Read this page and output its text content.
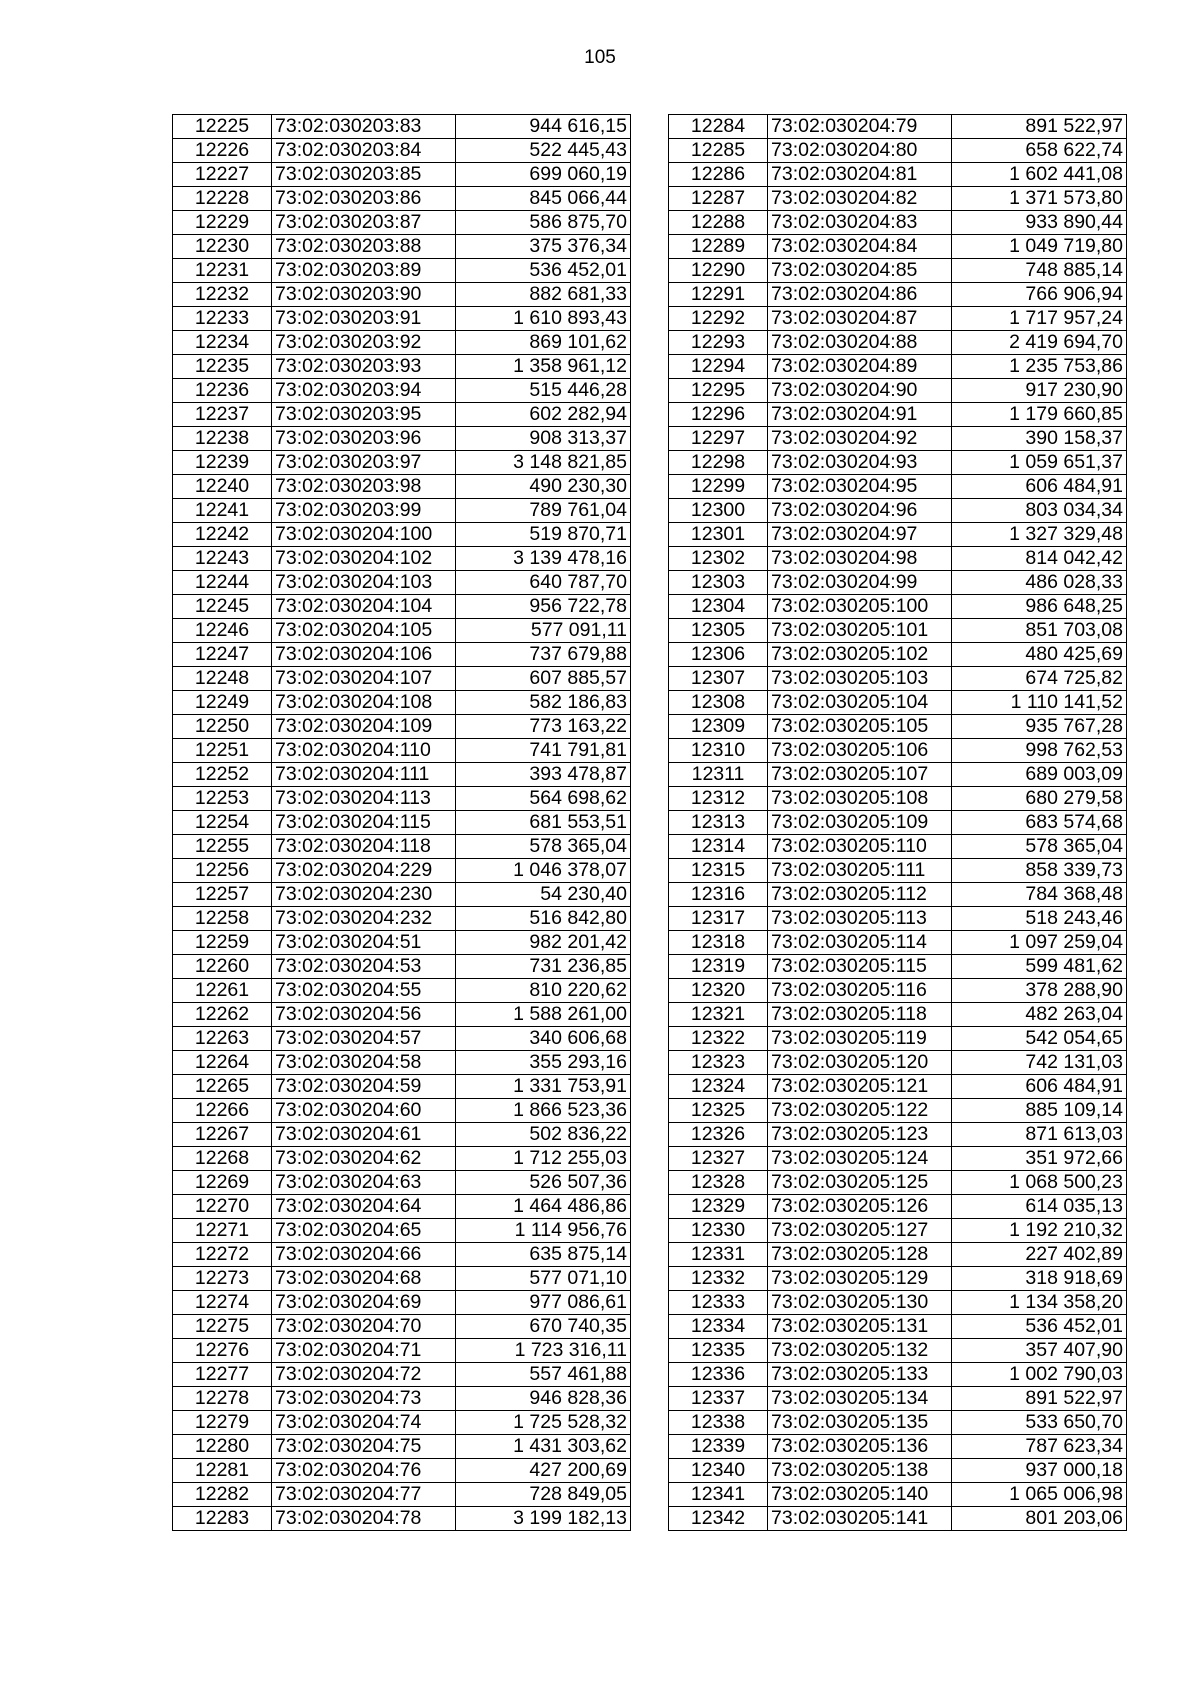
105
12225	73:02:030203:83	944 616,15
12226	73:02:030203:84	522 445,43
12227	73:02:030203:85	699 060,19
12228	73:02:030203:86	845 066,44
12229	73:02:030203:87	586 875,70
12230	73:02:030203:88	375 376,34
12231	73:02:030203:89	536 452,01
12232	73:02:030203:90	882 681,33
12233	73:02:030203:91	1 610 893,43
12234	73:02:030203:92	869 101,62
12235	73:02:030203:93	1 358 961,12
12236	73:02:030203:94	515 446,28
12237	73:02:030203:95	602 282,94
12238	73:02:030203:96	908 313,37
12239	73:02:030203:97	3 148 821,85
12240	73:02:030203:98	490 230,30
12241	73:02:030203:99	789 761,04
12242	73:02:030204:100	519 870,71
12243	73:02:030204:102	3 139 478,16
12244	73:02:030204:103	640 787,70
12245	73:02:030204:104	956 722,78
12246	73:02:030204:105	577 091,11
12247	73:02:030204:106	737 679,88
12248	73:02:030204:107	607 885,57
12249	73:02:030204:108	582 186,83
12250	73:02:030204:109	773 163,22
12251	73:02:030204:110	741 791,81
12252	73:02:030204:111	393 478,87
12253	73:02:030204:113	564 698,62
12254	73:02:030204:115	681 553,51
12255	73:02:030204:118	578 365,04
12256	73:02:030204:229	1 046 378,07
12257	73:02:030204:230	54 230,40
12258	73:02:030204:232	516 842,80
12259	73:02:030204:51	982 201,42
12260	73:02:030204:53	731 236,85
12261	73:02:030204:55	810 220,62
12262	73:02:030204:56	1 588 261,00
12263	73:02:030204:57	340 606,68
12264	73:02:030204:58	355 293,16
12265	73:02:030204:59	1 331 753,91
12266	73:02:030204:60	1 866 523,36
12267	73:02:030204:61	502 836,22
12268	73:02:030204:62	1 712 255,03
12269	73:02:030204:63	526 507,36
12270	73:02:030204:64	1 464 486,86
12271	73:02:030204:65	1 114 956,76
12272	73:02:030204:66	635 875,14
12273	73:02:030204:68	577 071,10
12274	73:02:030204:69	977 086,61
12275	73:02:030204:70	670 740,35
12276	73:02:030204:71	1 723 316,11
12277	73:02:030204:72	557 461,88
12278	73:02:030204:73	946 828,36
12279	73:02:030204:74	1 725 528,32
12280	73:02:030204:75	1 431 303,62
12281	73:02:030204:76	427 200,69
12282	73:02:030204:77	728 849,05
12283	73:02:030204:78	3 199 182,13
12284	73:02:030204:79	891 522,97
12285	73:02:030204:80	658 622,74
12286	73:02:030204:81	1 602 441,08
12287	73:02:030204:82	1 371 573,80
12288	73:02:030204:83	933 890,44
12289	73:02:030204:84	1 049 719,80
12290	73:02:030204:85	748 885,14
12291	73:02:030204:86	766 906,94
12292	73:02:030204:87	1 717 957,24
12293	73:02:030204:88	2 419 694,70
12294	73:02:030204:89	1 235 753,86
12295	73:02:030204:90	917 230,90
12296	73:02:030204:91	1 179 660,85
12297	73:02:030204:92	390 158,37
12298	73:02:030204:93	1 059 651,37
12299	73:02:030204:95	606 484,91
12300	73:02:030204:96	803 034,34
12301	73:02:030204:97	1 327 329,48
12302	73:02:030204:98	814 042,42
12303	73:02:030204:99	486 028,33
12304	73:02:030205:100	986 648,25
12305	73:02:030205:101	851 703,08
12306	73:02:030205:102	480 425,69
12307	73:02:030205:103	674 725,82
12308	73:02:030205:104	1 110 141,52
12309	73:02:030205:105	935 767,28
12310	73:02:030205:106	998 762,53
12311	73:02:030205:107	689 003,09
12312	73:02:030205:108	680 279,58
12313	73:02:030205:109	683 574,68
12314	73:02:030205:110	578 365,04
12315	73:02:030205:111	858 339,73
12316	73:02:030205:112	784 368,48
12317	73:02:030205:113	518 243,46
12318	73:02:030205:114	1 097 259,04
12319	73:02:030205:115	599 481,62
12320	73:02:030205:116	378 288,90
12321	73:02:030205:118	482 263,04
12322	73:02:030205:119	542 054,65
12323	73:02:030205:120	742 131,03
12324	73:02:030205:121	606 484,91
12325	73:02:030205:122	885 109,14
12326	73:02:030205:123	871 613,03
12327	73:02:030205:124	351 972,66
12328	73:02:030205:125	1 068 500,23
12329	73:02:030205:126	614 035,13
12330	73:02:030205:127	1 192 210,32
12331	73:02:030205:128	227 402,89
12332	73:02:030205:129	318 918,69
12333	73:02:030205:130	1 134 358,20
12334	73:02:030205:131	536 452,01
12335	73:02:030205:132	357 407,90
12336	73:02:030205:133	1 002 790,03
12337	73:02:030205:134	891 522,97
12338	73:02:030205:135	533 650,70
12339	73:02:030205:136	787 623,34
12340	73:02:030205:138	937 000,18
12341	73:02:030205:140	1 065 006,98
12342	73:02:030205:141	801 203,06
